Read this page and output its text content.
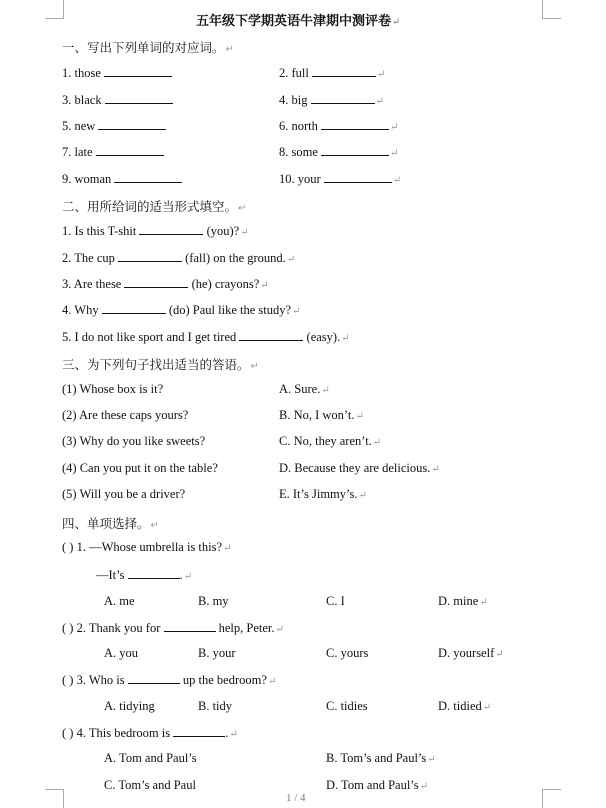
五年级下学期英语牛津期中测评卷↵
一、写出下列单词的对应词。↵
1. those	2. full	↵
3. black	4. big	↵
5. new	6. north	↵
7. late	8. some	↵
9. woman	10. your	↵
二、用所给词的适当形式填空。↵
1. Is this T-shit	(you)?↵
2. The cup	(fall) on the ground.↵
3. Are these	(he) crayons?↵
4. Why	(do) Paul like the study?↵
5. I do not like sport and I get tired	(easy).↵
三、为下列句子找出适当的答语。↵
(1) Whose box is it?	A. Sure.↵
(2) Are these caps yours?	B. No, I won’t.↵
(3) Why do you like sweets?	C. No, they aren’t.↵
(4) Can you put it on the table?	D. Because they are delicious.↵
(5) Will you be a driver?	E. It’s Jimmy’s.↵
四、单项选择。↵
( ) 1. —Whose umbrella is this?↵
—It’s	.↵
A. me	B. my	C. I	D. mine↵
( ) 2. Thank you for	help, Peter.↵
A. you	B. your	C. yours	D. yourself↵
( ) 3. Who is	up the bedroom?↵
A. tidying	B. tidy	C. tidies	D. tidied↵
( ) 4. This bedroom is	.↵
A. Tom and Paul’s	B. Tom’s and Paul’s↵
C. Tom’s and Paul	D. Tom and Paul’s↵
1 / 4
